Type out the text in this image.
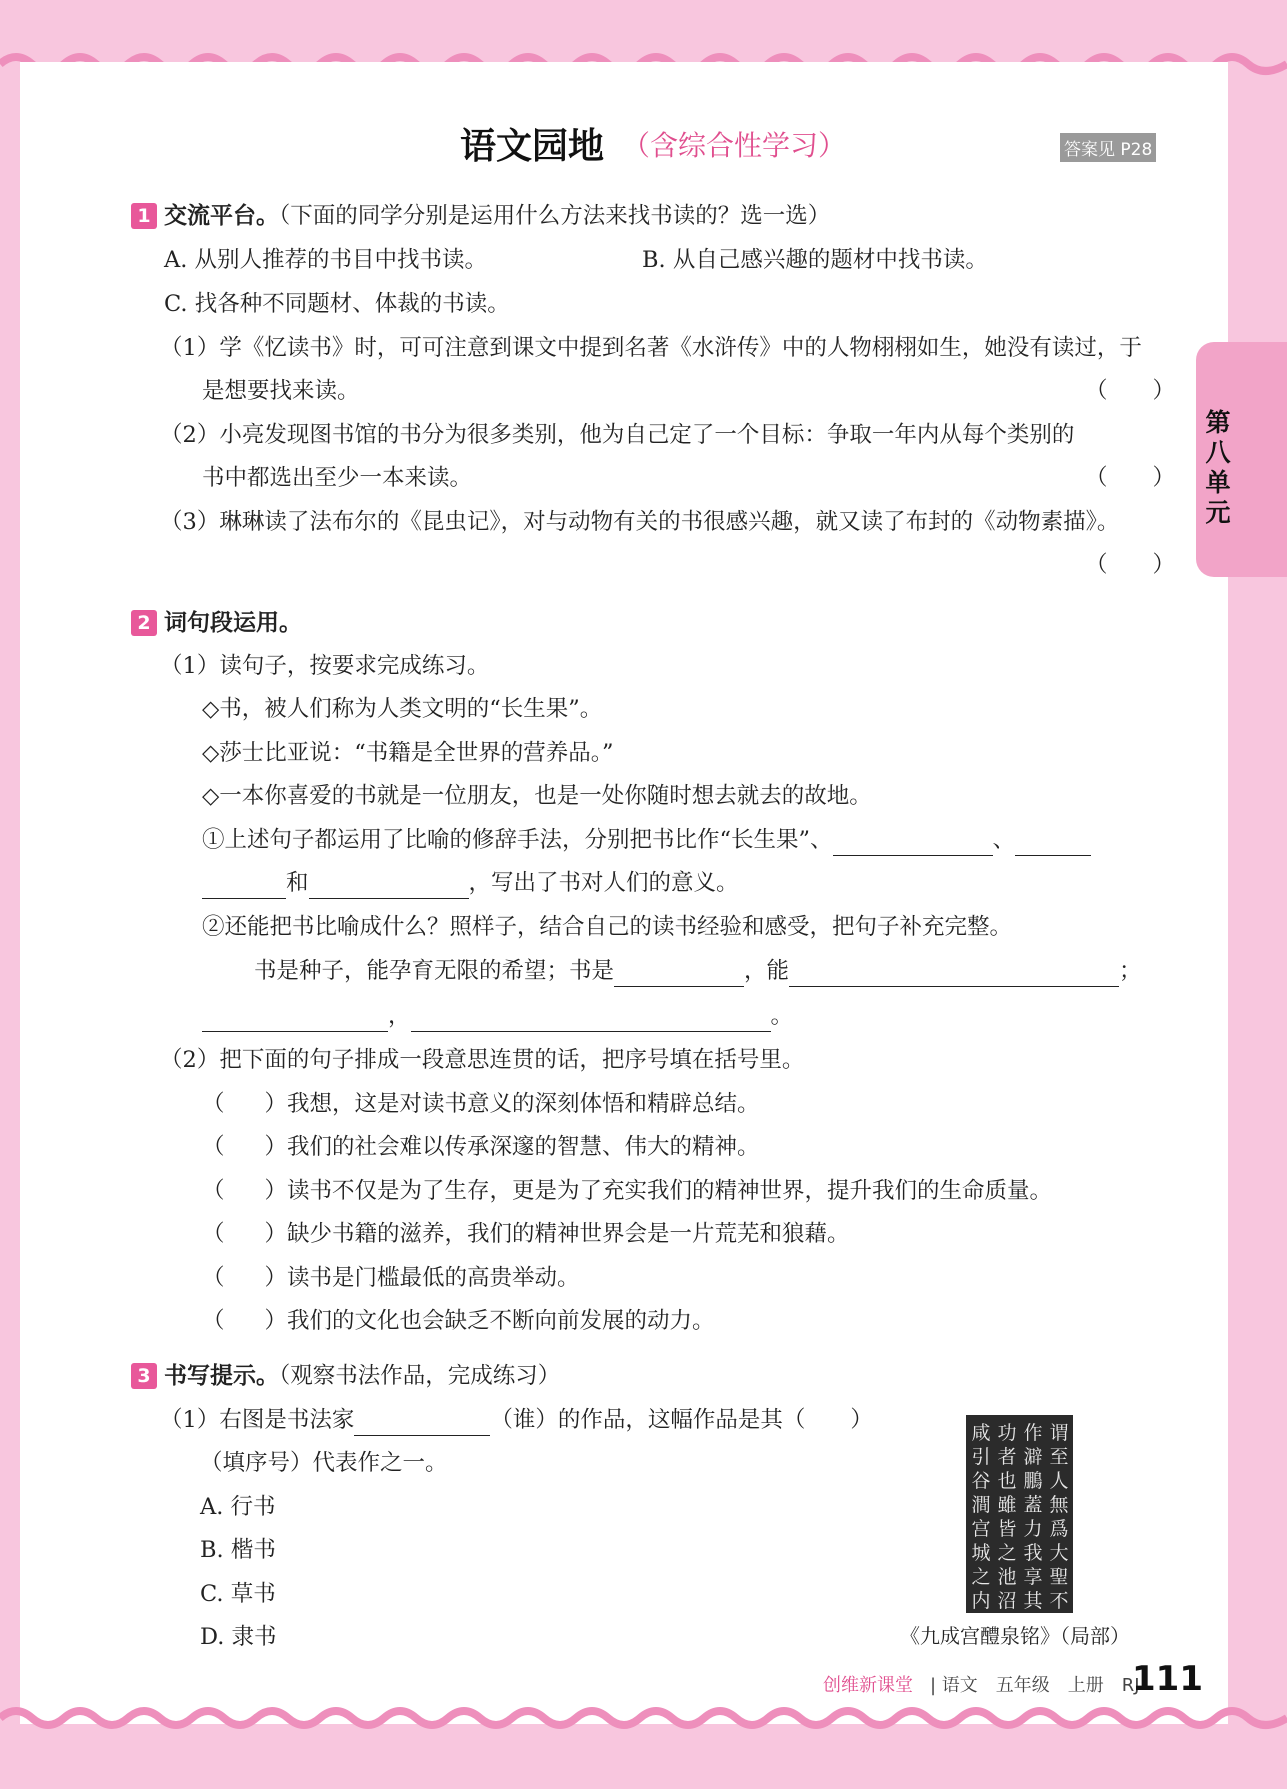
第八单元
语文园地 （含综合性学习）	答案见 P28
1 交流平台。（下面的同学分别是运用什么方法来找书读的？选一选）
A. 从别人推荐的书目中找书读。	B. 从自己感兴趣的题材中找书读。
C. 找各种不同题材、体裁的书读。
（1）学《忆读书》时，可可注意到课文中提到名著《水浒传》中的人物栩栩如生，她没有读过，于
是想要找来读。	（　　）
（2）小亮发现图书馆的书分为很多类别，他为自己定了一个目标：争取一年内从每个类别的
书中都选出至少一本来读。	（　　）
（3）琳琳读了法布尔的《昆虫记》，对与动物有关的书很感兴趣，就又读了布封的《动物素描》。
（　　）
2 词句段运用。
（1）读句子，按要求完成练习。
◇书，被人们称为人类文明的“长生果”。
◇莎士比亚说：“书籍是全世界的营养品。”
◇一本你喜爱的书就是一位朋友，也是一处你随时想去就去的故地。
①上述句子都运用了比喻的修辞手法，分别把书比作“长生果”、	、
和	，写出了书对人们的意义。
②还能把书比喻成什么？照样子，结合自己的读书经验和感受，把句子补充完整。
书是种子，能孕育无限的希望；书是	，能	；
，	。
（2）把下面的句子排成一段意思连贯的话，把序号填在括号里。
（ ）我想，这是对读书意义的深刻体悟和精辟总结。
（ ）我们的社会难以传承深邃的智慧、伟大的精神。
（ ）读书不仅是为了生存，更是为了充实我们的精神世界，提升我们的生命质量。
（ ）缺少书籍的滋养，我们的精神世界会是一片荒芜和狼藉。
（ ）读书是门槛最低的高贵举动。
（ ）我们的文化也会缺乏不断向前发展的动力。
3 书写提示。（观察书法作品，完成练习）
（1）右图是书法家	（谁）的作品，这幅作品是其（　　）
（填序号）代表作之一。
A. 行书
B. 楷书
C. 草书
D. 隶书
谓至人無爲大聖不
作澼鵬蓋力我享其
功者也雖皆之池沼
咸引谷澗宫城之内
《九成宫醴泉铭》（局部）
创维新课堂 | 语文　五年级　上册　RJ
111
